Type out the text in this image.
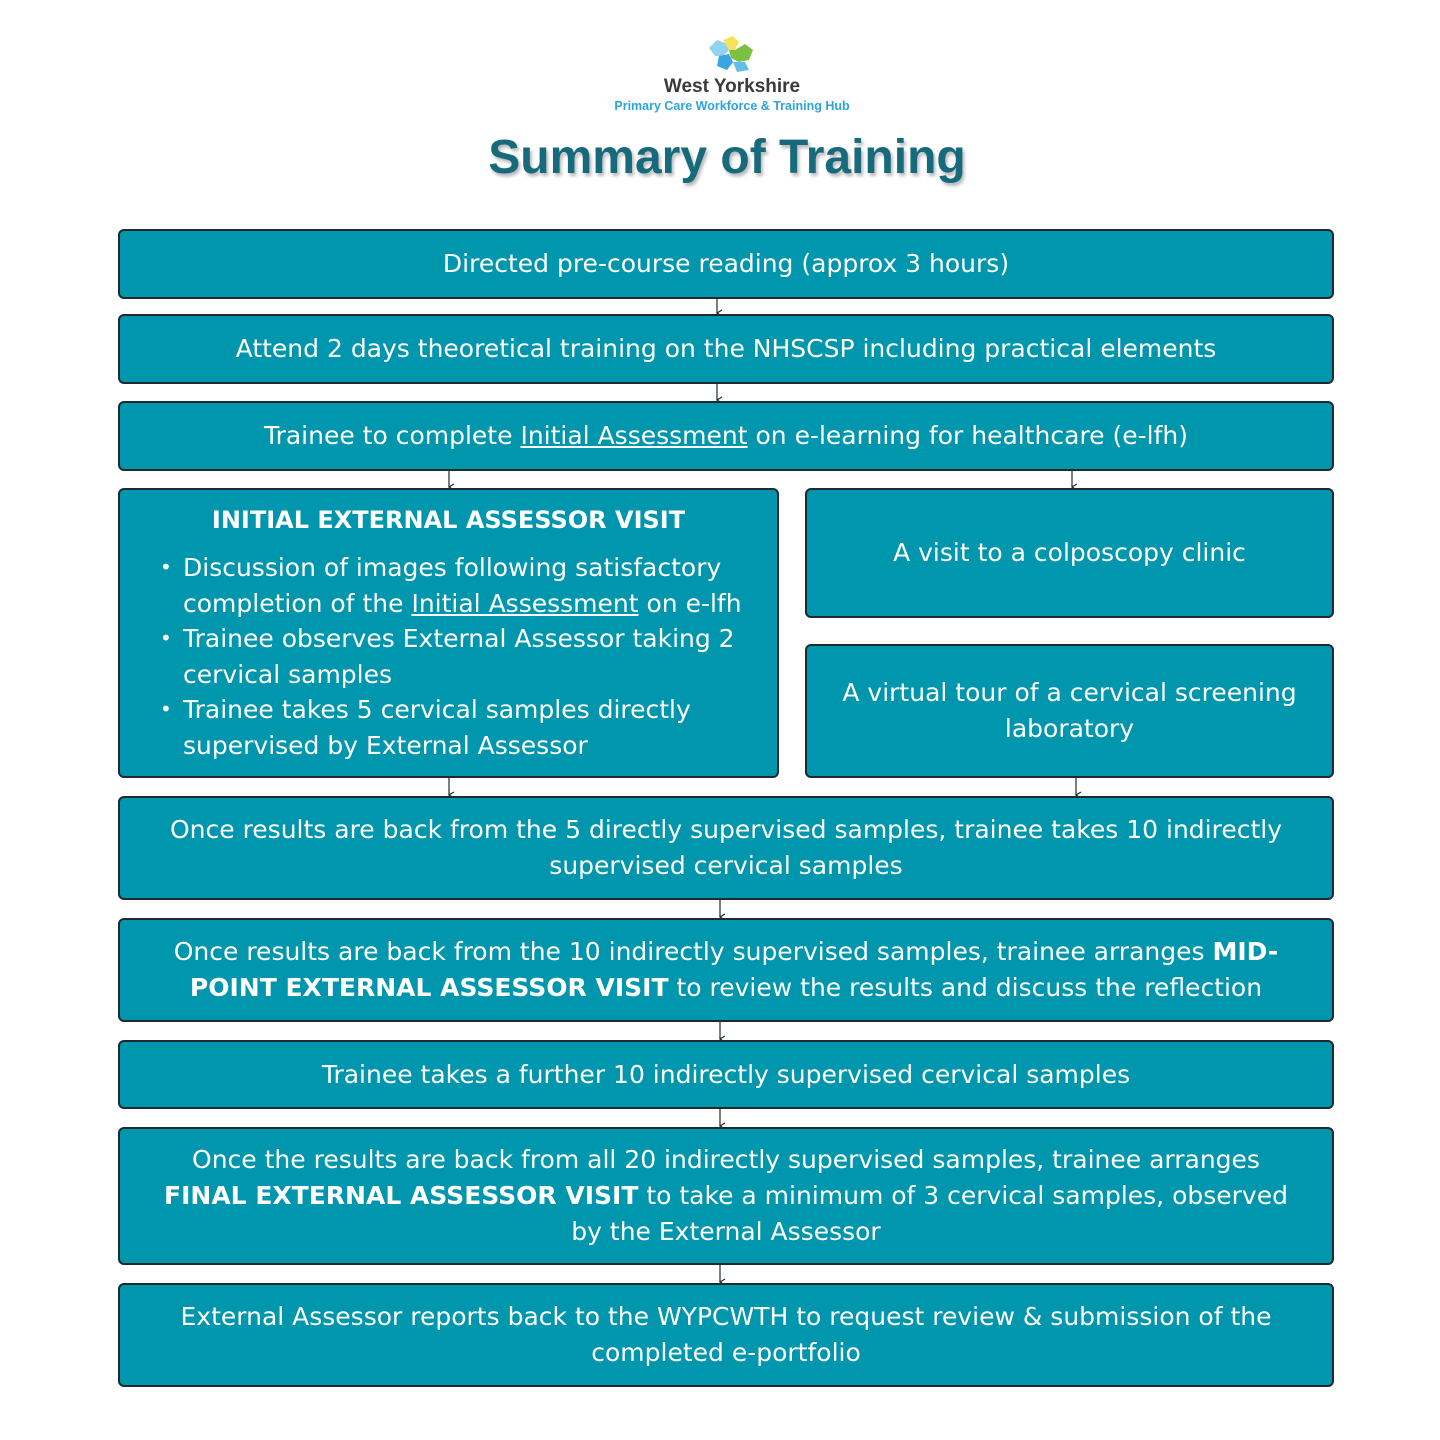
West Yorkshire
Primary Care Workforce & Training Hub
Summary of Training
Directed pre-course reading (approx 3 hours)
Attend 2 days theoretical training on the NHSCSP including practical elements
Trainee to complete Initial Assessment on e-learning for healthcare (e-lfh)
INITIAL EXTERNAL ASSESSOR VISIT
• Discussion of images following satisfactory completion of the Initial Assessment on e-lfh
• Trainee observes External Assessor taking 2 cervical samples
• Trainee takes 5 cervical samples directly supervised by External Assessor
A visit to a colposcopy clinic
A virtual tour of a cervical screening laboratory
Once results are back from the 5 directly supervised samples, trainee takes 10 indirectly supervised cervical samples
Once results are back from the 10 indirectly supervised samples, trainee arranges MID-POINT EXTERNAL ASSESSOR VISIT to review the results and discuss the reflection
Trainee takes a further 10 indirectly supervised cervical samples
Once the results are back from all 20 indirectly supervised samples, trainee arranges FINAL EXTERNAL ASSESSOR VISIT to take a minimum of 3 cervical samples, observed by the External Assessor
External Assessor reports back to the WYPCWTH to request review & submission of the completed e-portfolio
